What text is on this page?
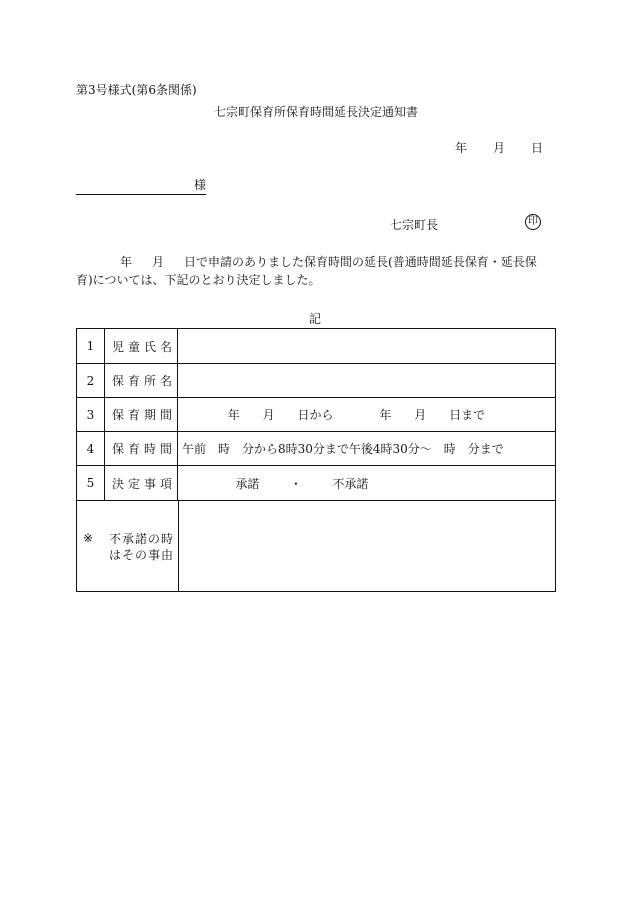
第3号様式(第6条関係)
七宗町保育所保育時間延長決定通知書
年 月 日
様
七宗町長	印
年 月 日で申請のありました保育時間の延長(普通時間延長保育・延長保
育)については、下記のとおり決定しました。
記
1	児童氏名
2	保育所名
3	保育期間 年      月      日から            年      月      日まで
4	保育時間 午前　時　分から8時30分まで午後4時30分～　時　分まで
5	決定事項 承諾        ・        不承諾
※ 不承諾の時
はその事由
